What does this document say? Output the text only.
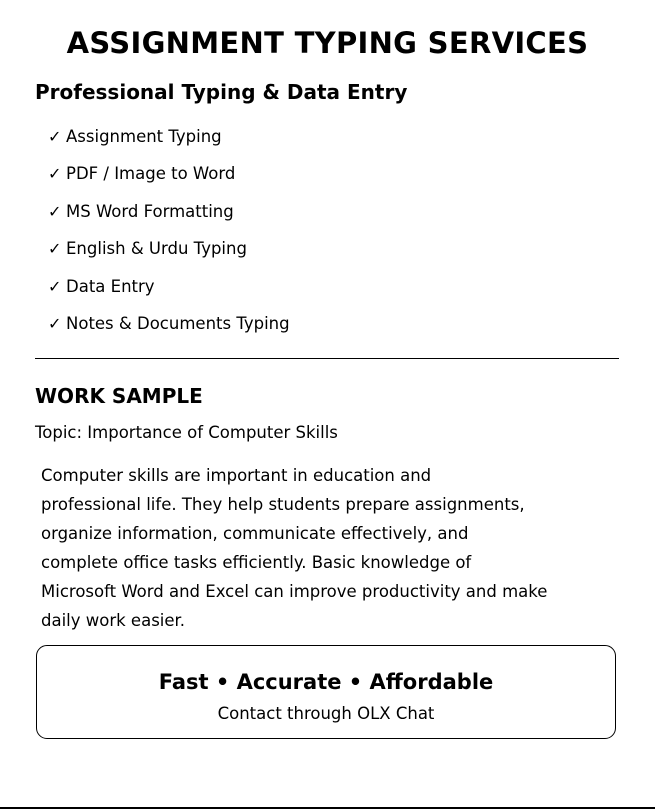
ASSIGNMENT TYPING SERVICES
Professional Typing & Data Entry
✓ Assignment Typing
✓ PDF / Image to Word
✓ MS Word Formatting
✓ English & Urdu Typing
✓ Data Entry
✓ Notes & Documents Typing
WORK SAMPLE
Topic: Importance of Computer Skills
Computer skills are important in education and
professional life. They help students prepare assignments,
organize information, communicate effectively, and
complete office tasks efficiently. Basic knowledge of
Microsoft Word and Excel can improve productivity and make
daily work easier.
Fast • Accurate • Affordable
Contact through OLX Chat
